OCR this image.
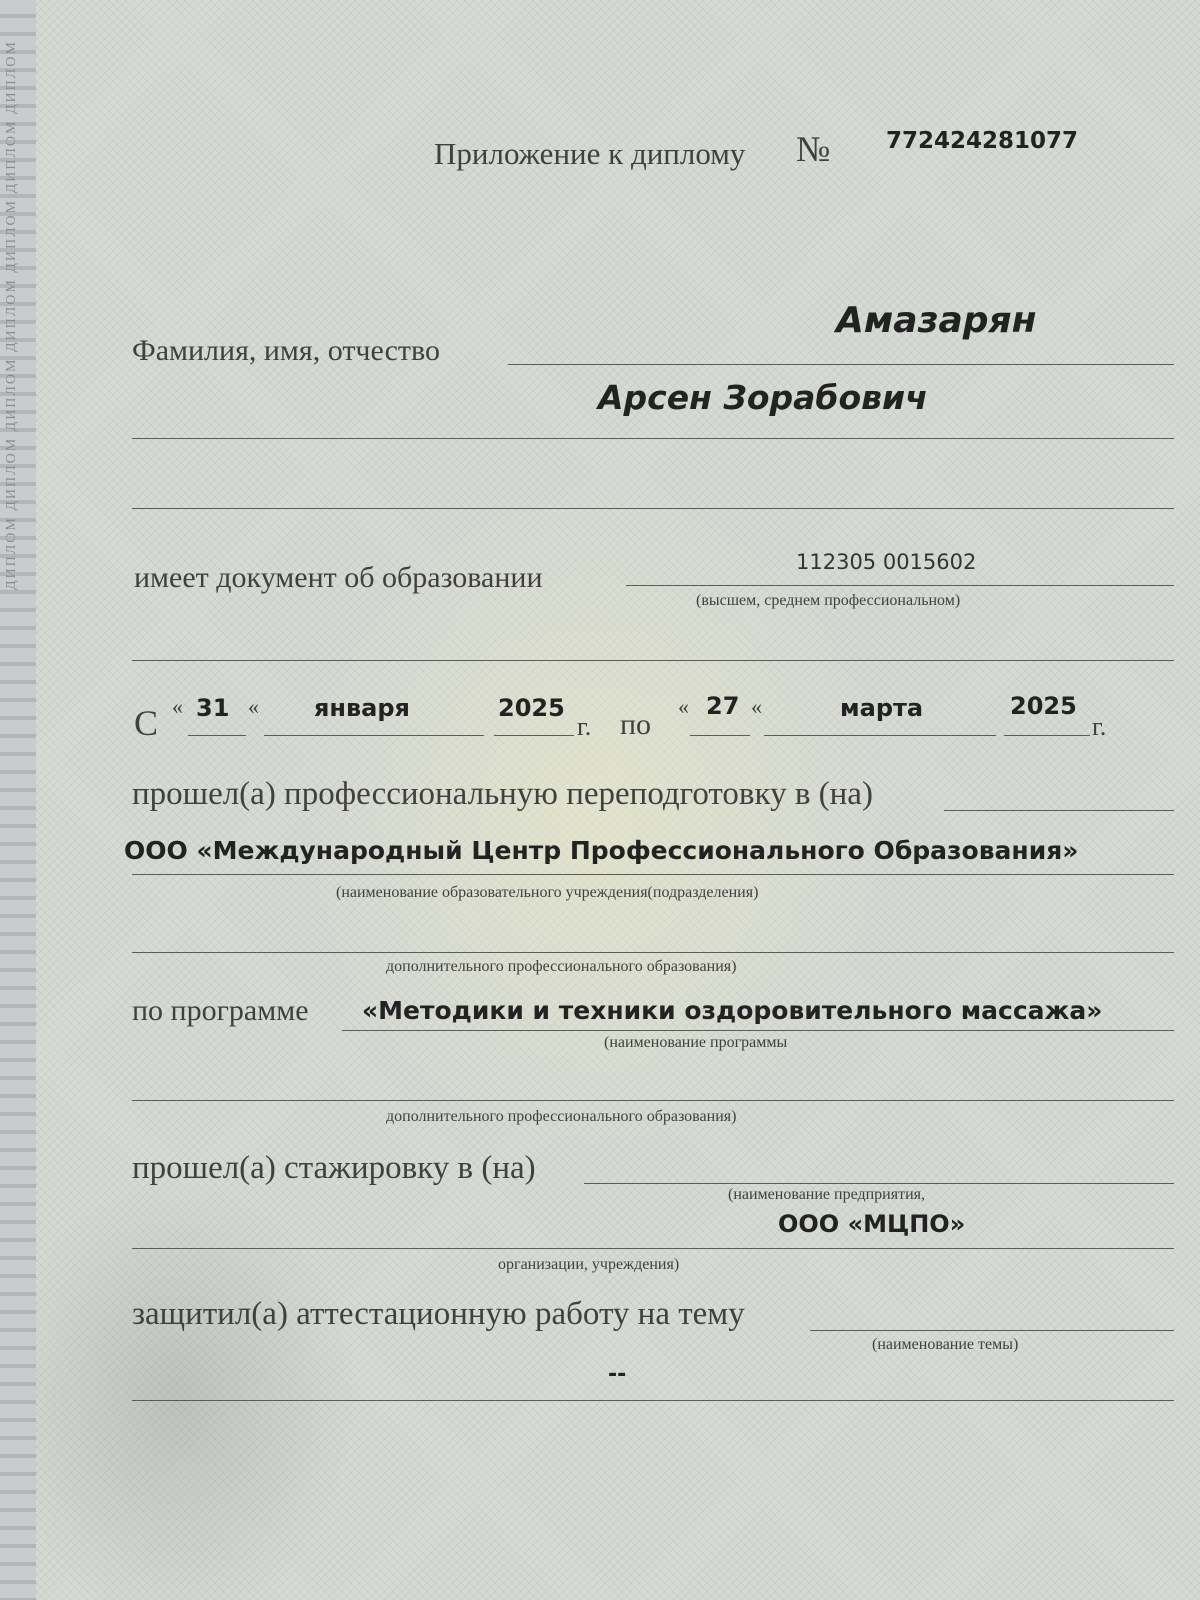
ДИПЛОМ ДИПЛОМ ДИПЛОМ ДИПЛОМ ДИПЛОМ ДИПЛОМ ДИПЛОМ	Приложение к диплому № 772424281077
Амазарян
Фамилия, имя, отчество
Арсен Зорабович
имеет документ об образовании	112305 0015602
(высшем, среднем профессиональном)
С « 31 « января	2025
г. по
« 27 «	марта	2025
г.
прошел(а) профессиональную переподготовку в (на)
ООО «Международный Центр Профессионального Образования»
(наименование образовательного учреждения(подразделения)
дополнительного профессионального образования)
по программе «Методики и техники оздоровительного массажа»
(наименование программы
дополнительного профессионального образования)
прошел(а) стажировку в (на)
(наименование предприятия,
ООО «МЦПО»
организации, учреждения)
защитил(а) аттестационную работу на тему
(наименование темы)
--
